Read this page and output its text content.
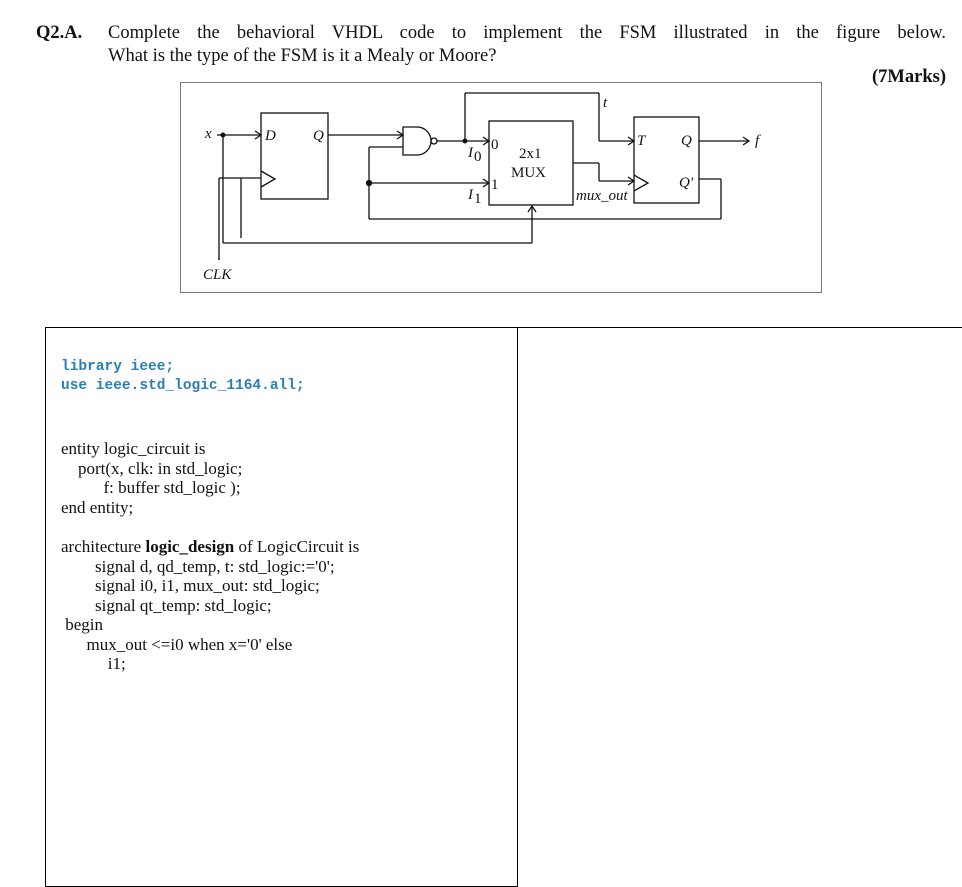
Q2.A. Complete the behavioral VHDL code to implement the FSM illustrated in the figure below.
What is the type of the FSM is it a Mealy or Moore?
(7Marks)
x	D Q
t
0
1
I 0
I 1
2x1
MUX
mux_out
T Q
Q'
f
CLK
library ieee;
use ieee.std_logic_1164.all;
entity logic_circuit is
port(x, clk: in std_logic;
f: buffer std_logic );
end entity;
architecture logic_design of LogicCircuit is
signal d, qd_temp, t: std_logic:='0';
signal i0, i1, mux_out: std_logic;
signal qt_temp: std_logic;
begin
mux_out <=i0 when x='0' else
i1;
